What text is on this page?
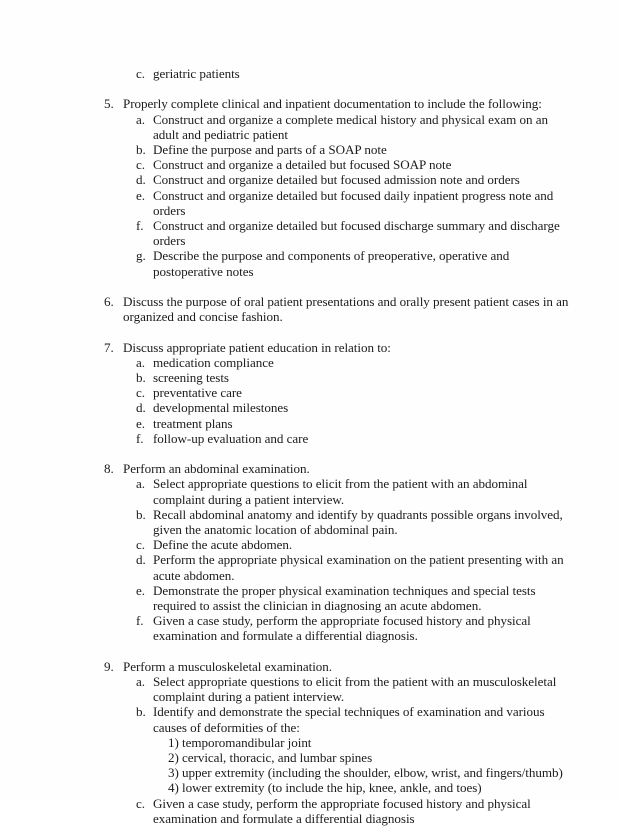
c. geriatric patients
5. Properly complete clinical and inpatient documentation to include the following:
a. Construct and organize a complete medical history and physical exam on an adult and pediatric patient
b. Define the purpose and parts of a SOAP note
c. Construct and organize a detailed but focused SOAP note
d. Construct and organize detailed but focused admission note and orders
e. Construct and organize detailed but focused daily inpatient progress note and orders
f. Construct and organize detailed but focused discharge summary and discharge orders
g. Describe the purpose and components of preoperative, operative and postoperative notes
6. Discuss the purpose of oral patient presentations and orally present patient cases in an organized and concise fashion.
7. Discuss appropriate patient education in relation to:
a. medication compliance
b. screening tests
c. preventative care
d. developmental milestones
e. treatment plans
f. follow-up evaluation and care
8. Perform an abdominal examination.
a. Select appropriate questions to elicit from the patient with an abdominal complaint during a patient interview.
b. Recall abdominal anatomy and identify by quadrants possible organs involved, given the anatomic location of abdominal pain.
c. Define the acute abdomen.
d. Perform the appropriate physical examination on the patient presenting with an acute abdomen.
e. Demonstrate the proper physical examination techniques and special tests required to assist the clinician in diagnosing an acute abdomen.
f. Given a case study, perform the appropriate focused history and physical examination and formulate a differential diagnosis.
9. Perform a musculoskeletal examination.
a. Select appropriate questions to elicit from the patient with an musculoskeletal complaint during a patient interview.
b. Identify and demonstrate the special techniques of examination and various causes of deformities of the:
1) temporomandibular joint
2) cervical, thoracic, and lumbar spines
3) upper extremity (including the shoulder, elbow, wrist, and fingers/thumb)
4) lower extremity (to include the hip, knee, ankle, and toes)
c. Given a case study, perform the appropriate focused history and physical examination and formulate a differential diagnosis
